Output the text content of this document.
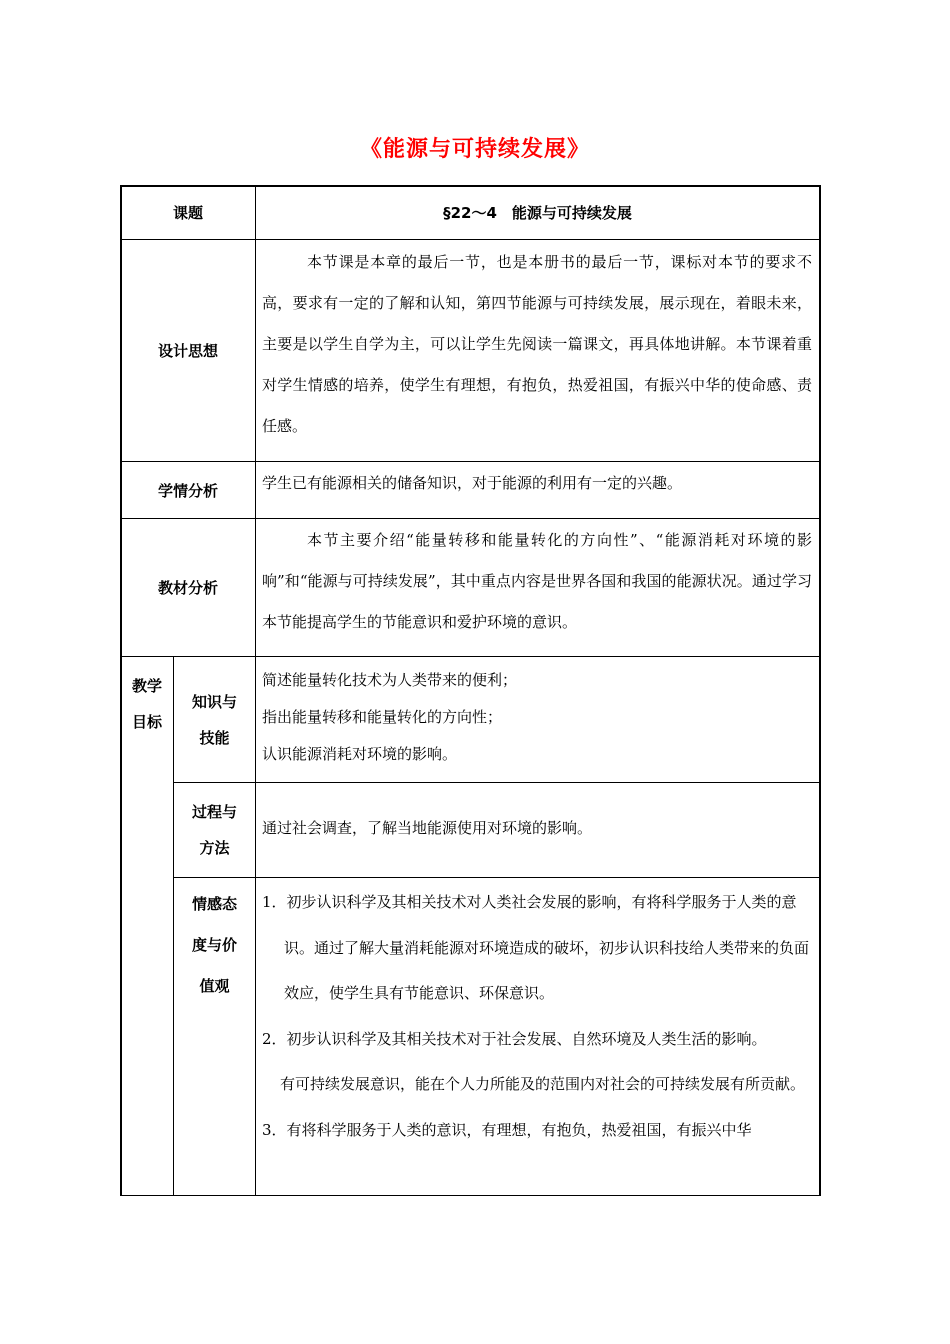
《能源与可持续发展》
课题	§22～4　能源与可持续发展
设计思想
本节课是本章的最后一节，也是本册书的最后一节，课标对本节的要求不高，要求有一定的了解和认知，第四节能源与可持续发展，展示现在，着眼未来，主要是以学生自学为主，可以让学生先阅读一篇课文，再具体地讲解。本节课着重对学生情感的培养，使学生有理想，有抱负，热爱祖国，有振兴中华的使命感、责任感。
学情分析	学生已有能源相关的储备知识，对于能源的利用有一定的兴趣。
教材分析
本节主要介绍“能量转移和能量转化的方向性”、“能源消耗对环境的影响”和“能源与可持续发展”，其中重点内容是世界各国和我国的能源状况。通过学习本节能提高学生的节能意识和爱护环境的意识。
教学目标
知识与技能
简述能量转化技术为人类带来的便利；
指出能量转移和能量转化的方向性；
认识能源消耗对环境的影响。
过程与方法
通过社会调查，了解当地能源使用对环境的影响。
情感态度与价值观
1．初步认识科学及其相关技术对人类社会发展的影响，有将科学服务于人类的意识。通过了解大量消耗能源对环境造成的破坏，初步认识科技给人类带来的负面效应，使学生具有节能意识、环保意识。
2．初步认识科学及其相关技术对于社会发展、自然环境及人类生活的影响。
有可持续发展意识，能在个人力所能及的范围内对社会的可持续发展有所贡献。
3．有将科学服务于人类的意识，有理想，有抱负，热爱祖国，有振兴中华
